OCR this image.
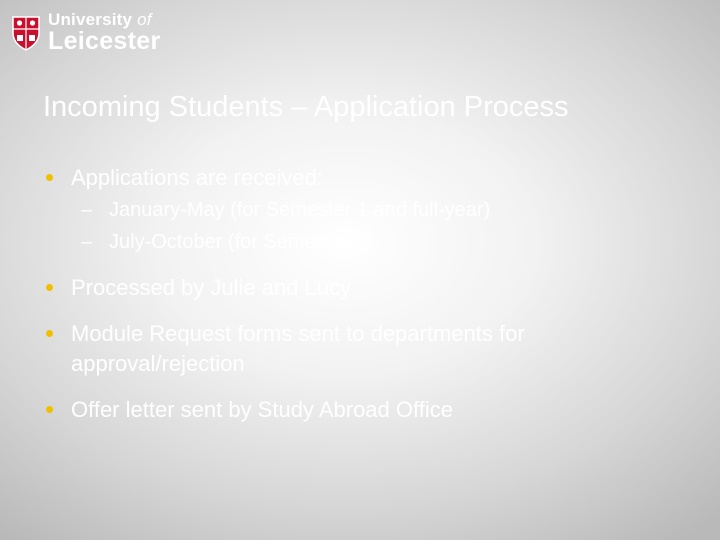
University of
Leicester
Incoming Students – Application Process
Applications are received:
– January-May (for Semester 1 and full-year)
– July-October (for Semester 2)
Processed by Julie and Lucy
Module Request forms sent to departments for approval/rejection
Offer letter sent by Study Abroad Office
